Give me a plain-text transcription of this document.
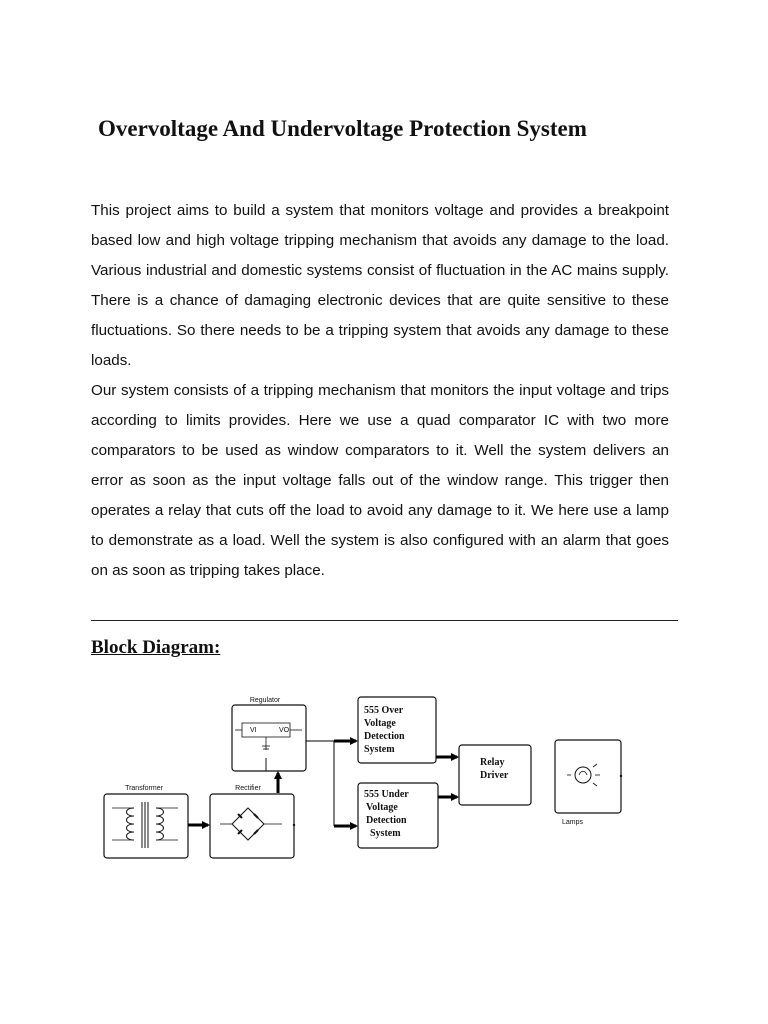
Overvoltage And Undervoltage Protection System

This project aims to build a system that monitors voltage and provides a breakpoint based low and high voltage tripping mechanism that avoids any damage to the load. Various industrial and domestic systems consist of fluctuation in the AC mains supply. There is a chance of damaging electronic devices that are quite sensitive to these fluctuations. So there needs to be a tripping system that avoids any damage to these loads.

Our system consists of a tripping mechanism that monitors the input voltage and trips according to limits provides. Here we use a quad comparator IC with two more comparators to be used as window comparators to it. Well the system delivers an error as soon as the input voltage falls out of the window range. This trigger then operates a relay that cuts off the load to avoid any damage to it. We here use a lamp to demonstrate as a load. Well the system is also configured with an alarm that goes on as soon as tripping takes place.

Block Diagram:
Regulator
VI	VO
Transformer	Rectifier
555 Over
Voltage
Detection
System
555 Under
Voltage
Detection
System
Relay
Driver
Lamps
